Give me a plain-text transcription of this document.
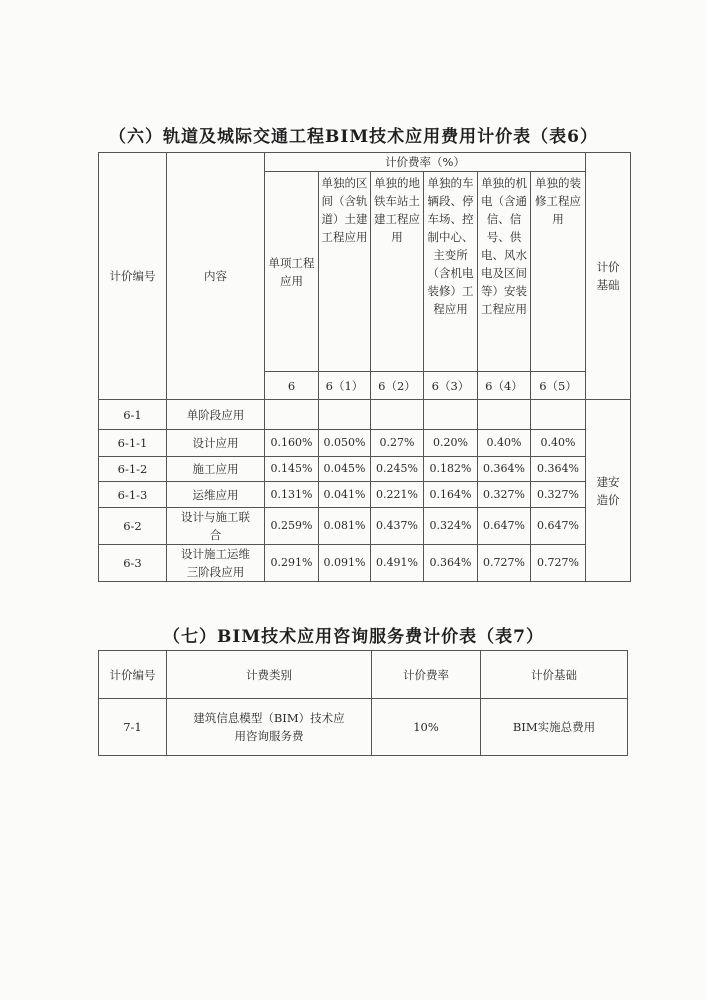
（六）轨道及城际交通工程BIM技术应用费用计价表（表6）
计价编号	内容	计价费率（%）						计价基础
		单项工程应用	单独的区间（含轨道）土建工程应用	单独的地铁车站土建工程应用	单独的车辆段、停车场、控制中心、主变所（含机电装修）工程应用	单独的机电（含通信、信号、供电、风水电及区间等）安装工程应用	单独的装修工程应用	
		6	6（1）	6（2）	6（3）	6（4）	6（5）	
6-1	单阶段应用							建安造价
6-1-1	设计应用	0.160%	0.050%	0.27%	0.20%	0.40%	0.40%	
6-1-2	施工应用	0.145%	0.045%	0.245%	0.182%	0.364%	0.364%	
6-1-3	运维应用	0.131%	0.041%	0.221%	0.164%	0.327%	0.327%	
6-2	设计与施工联合	0.259%	0.081%	0.437%	0.324%	0.647%	0.647%	
6-3	设计施工运维三阶段应用	0.291%	0.091%	0.491%	0.364%	0.727%	0.727%	
（七）BIM技术应用咨询服务费计价表（表7）
计价编号	计费类别	计价费率	计价基础
7-1	建筑信息模型（BIM）技术应用咨询服务费	10%	BIM实施总费用
